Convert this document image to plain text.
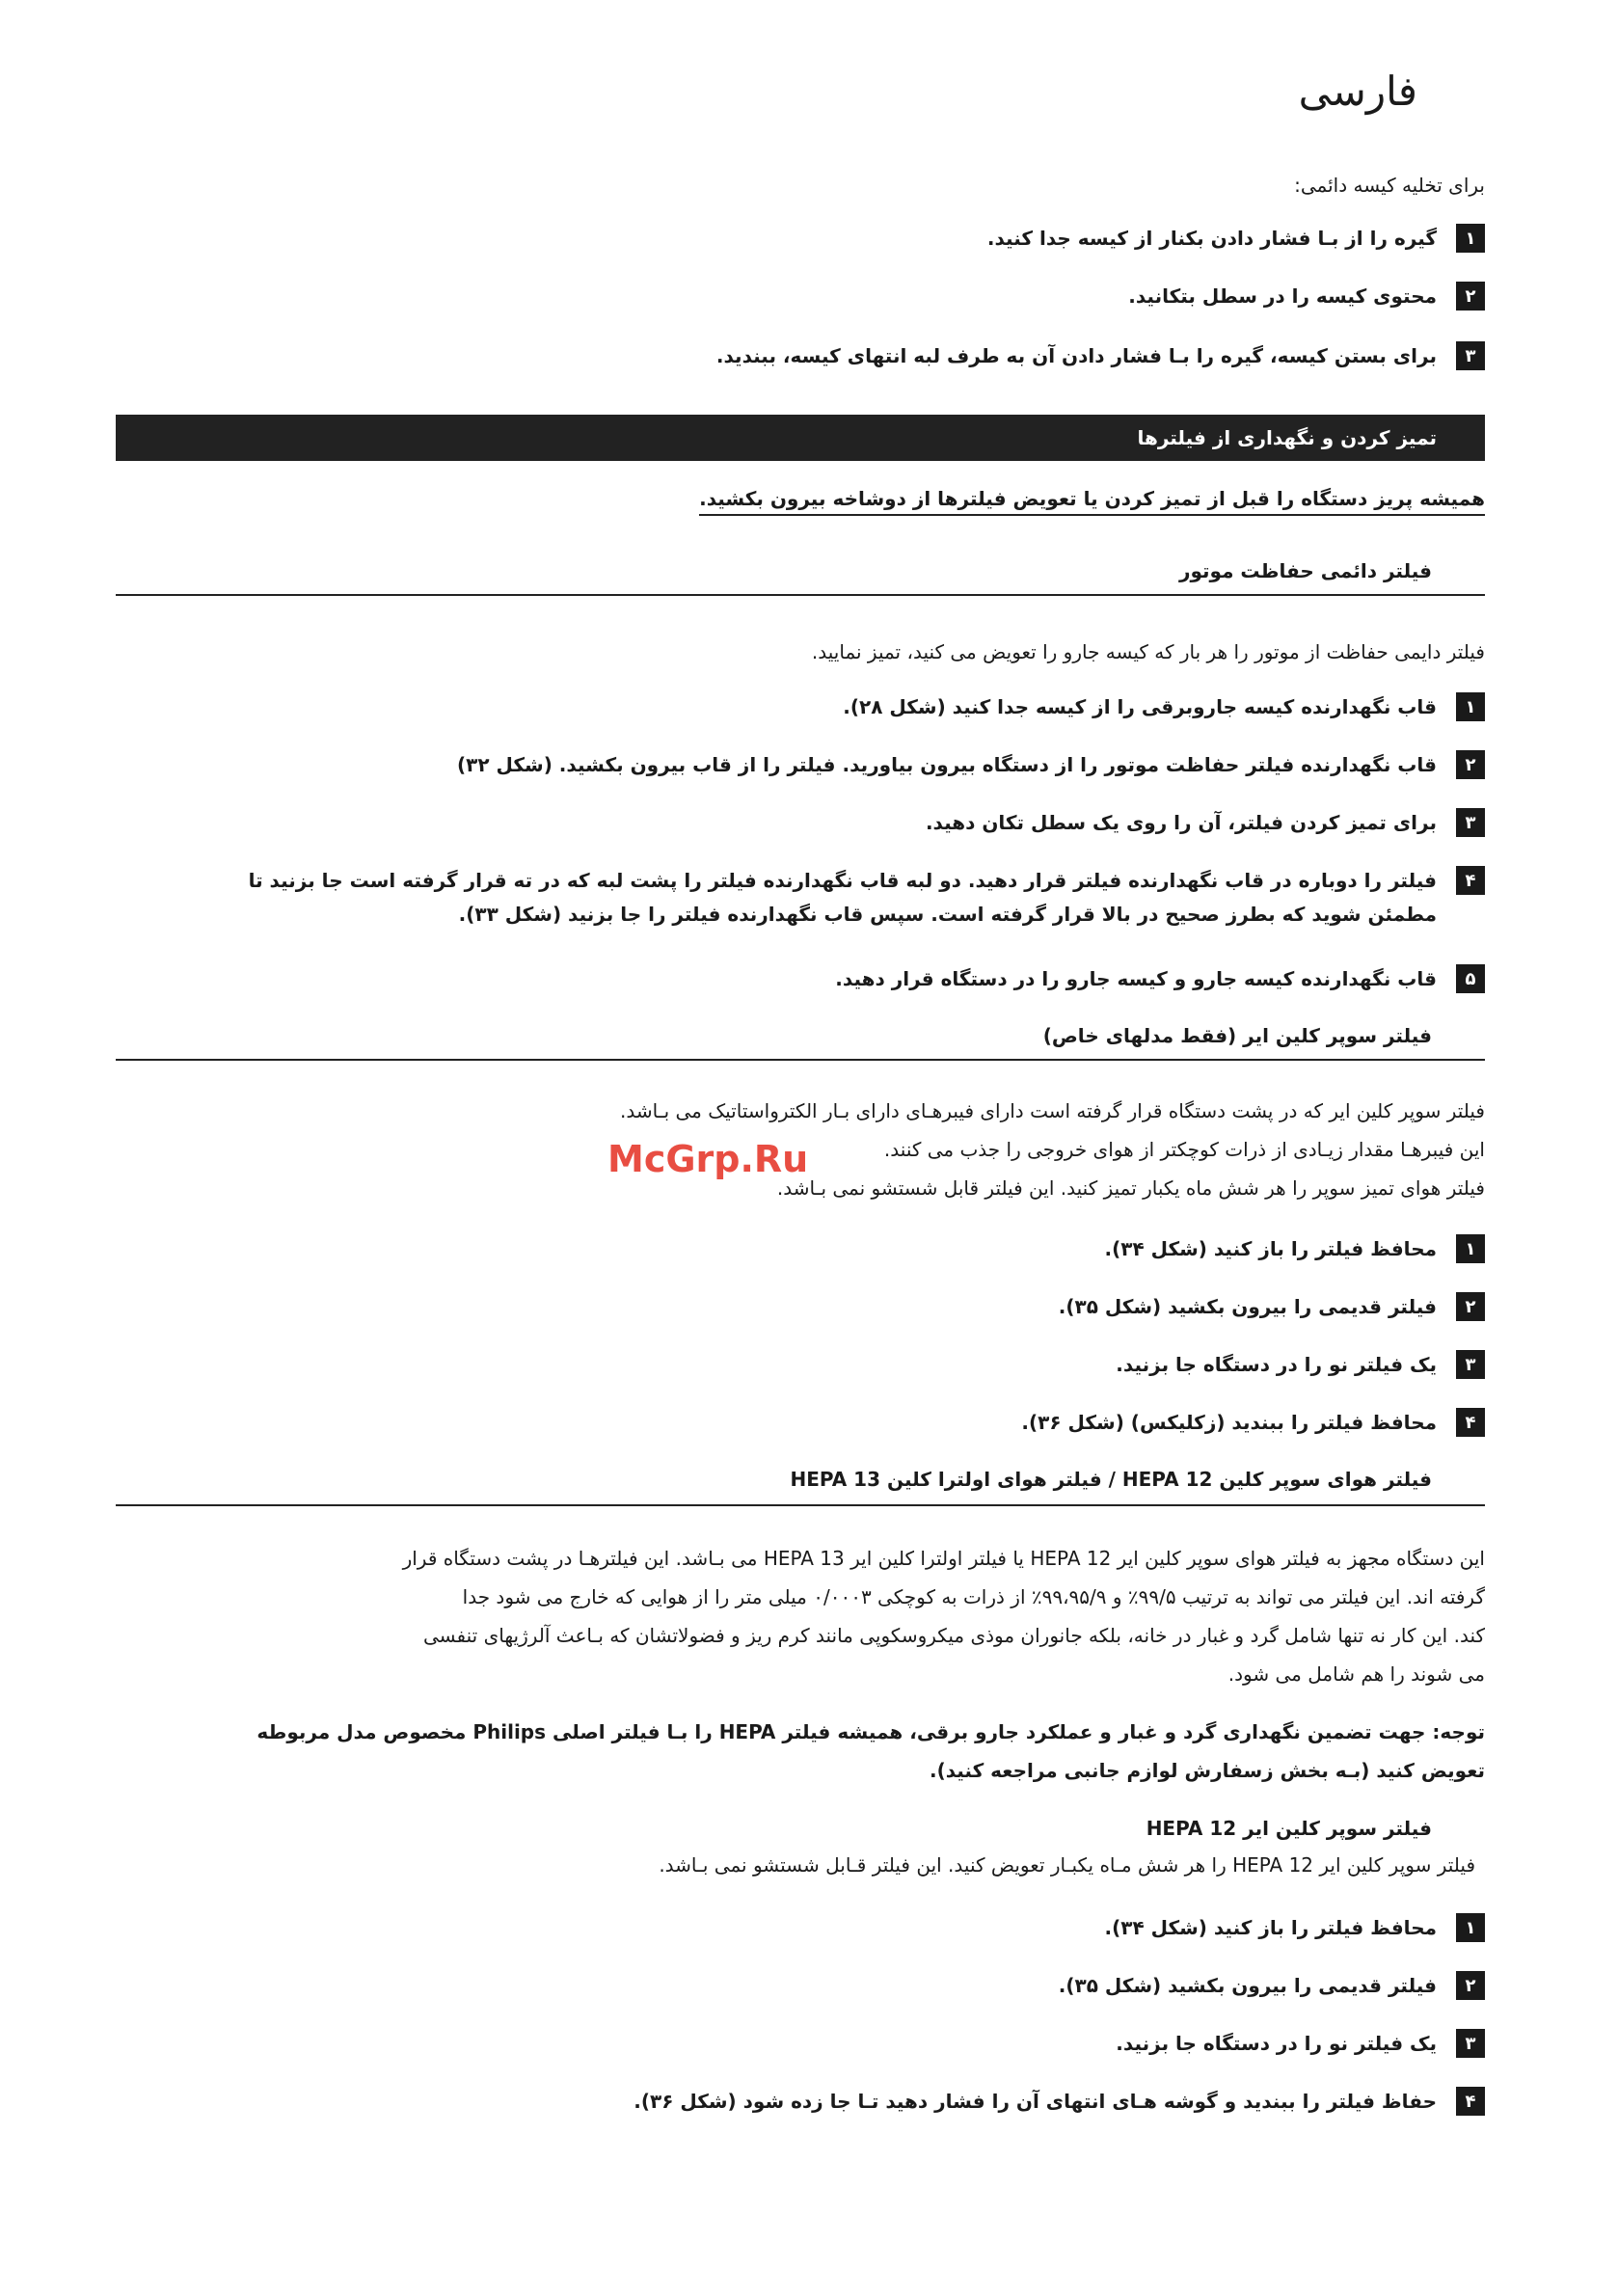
فارسی
برای تخلیه کیسه دائمی:
۱
گیره را از بـا فشار دادن بکنار از کیسه جدا کنید.
۲
محتوی کیسه را در سطل بتکانید.
۳
برای بستن کیسه، گیره را بـا فشار دادن آن به طرف لبه انتهای کیسه، ببندید.
تمیز کردن و نگهداری از فیلترها
همیشه پریز دستگاه را قبل از تمیز کردن یا تعویض فیلترها از دوشاخه بیرون بکشید.
فیلتر دائمی حفاظت موتور
فیلتر دایمی حفاظت از موتور را هر بار که کیسه جارو را تعویض می کنید، تمیز نمایید.
۱
قاب نگهدارنده کیسه جاروبرقی را از کیسه جدا کنید (شکل ۲۸).
۲
قاب نگهدارنده فیلتر حفاظت موتور را از دستگاه بیرون بیاورید. فیلتر را از قاب بیرون بکشید. (شکل ۳۲)
۳
برای تمیز کردن فیلتر، آن را روی یک سطل تکان دهید.
۴
فیلتر را دوباره در قاب نگهدارنده فیلتر قرار دهید. دو لبه قاب نگهدارنده فیلتر را پشت لبه که در ته قرار گرفته است جا بزنید تا
مطمئن شوید که بطرز صحیح در بالا قرار گرفته است. سپس قاب نگهدارنده فیلتر را جا بزنید (شکل ۳۳).
۵
قاب نگهدارنده کیسه جارو و کیسه جارو را در دستگاه قرار دهید.
فیلتر سوپر کلین ایر (فقط مدلهای خاص)
فیلتر سوپر کلین ایر که در پشت دستگاه قرار گرفته است دارای فیبرهـای دارای بـار الکترواستاتیک می بـاشد.
این فیبرهـا مقدار زیـادی از ذرات کوچکتر از هوای خروجی را جذب می کنند.
فیلتر هوای تمیز سوپر را هر شش ماه یکبار تمیز کنید. این فیلتر قابل شستشو نمی بـاشد.
۱
محافظ فیلتر را باز کنید (شکل ۳۴).
۲
فیلتر قدیمی را بیرون بکشید (شکل ۳۵).
۳
یک فیلتر نو را در دستگاه جا بزنید.
۴
محافظ فیلتر را ببندید (زکلیکس) (شکل ۳۶).
فیلتر هوای سوپر کلین HEPA 12 / فیلتر هوای اولترا کلین HEPA 13
این دستگاه مجهز به فیلتر هوای سوپر کلین ایر HEPA 12 یا فیلتر اولترا کلین ایر HEPA 13 می بـاشد. این فیلترهـا در پشت دستگاه قرار
گرفته اند. این فیلتر می تواند به ترتیب ۹۹/۵٪ و ۹۹،۹۵/۹٪ از ذرات به کوچکی ۰/۰۰۰۳ میلی متر را از هوایی که خارج می شود جدا
کند. این کار نه تنها شامل گرد و غبار در خانه، بلکه جانوران موذی میکروسکوپی مانند کرم ریز و فضولاتشان که بـاعث آلرژیهای تنفسی
می شوند را هم شامل می شود.
توجه: جهت تضمین نگهداری گرد و غبار و عملکرد جارو برقی، همیشه فیلتر HEPA را بـا فیلتر اصلی Philips مخصوص مدل مربوطه
تعویض کنید (بـه بخش زسفارش لوازم جانبی مراجعه کنید).
فیلتر سوپر کلین ایر HEPA 12
فیلتر سوپر کلین ایر HEPA 12 را هر شش مـاه یکبـار تعویض کنید. این فیلتر قـابل شستشو نمی بـاشد.
۱
محافظ فیلتر را باز کنید (شکل ۳۴).
۲
فیلتر قدیمی را بیرون بکشید (شکل ۳۵).
۳
یک فیلتر نو را در دستگاه جا بزنید.
۴
حفاظ فیلتر را ببندید و گوشه هـای انتهای آن را فشار دهید تـا جا زده شود (شکل ۳۶).
McGrp.Ru
